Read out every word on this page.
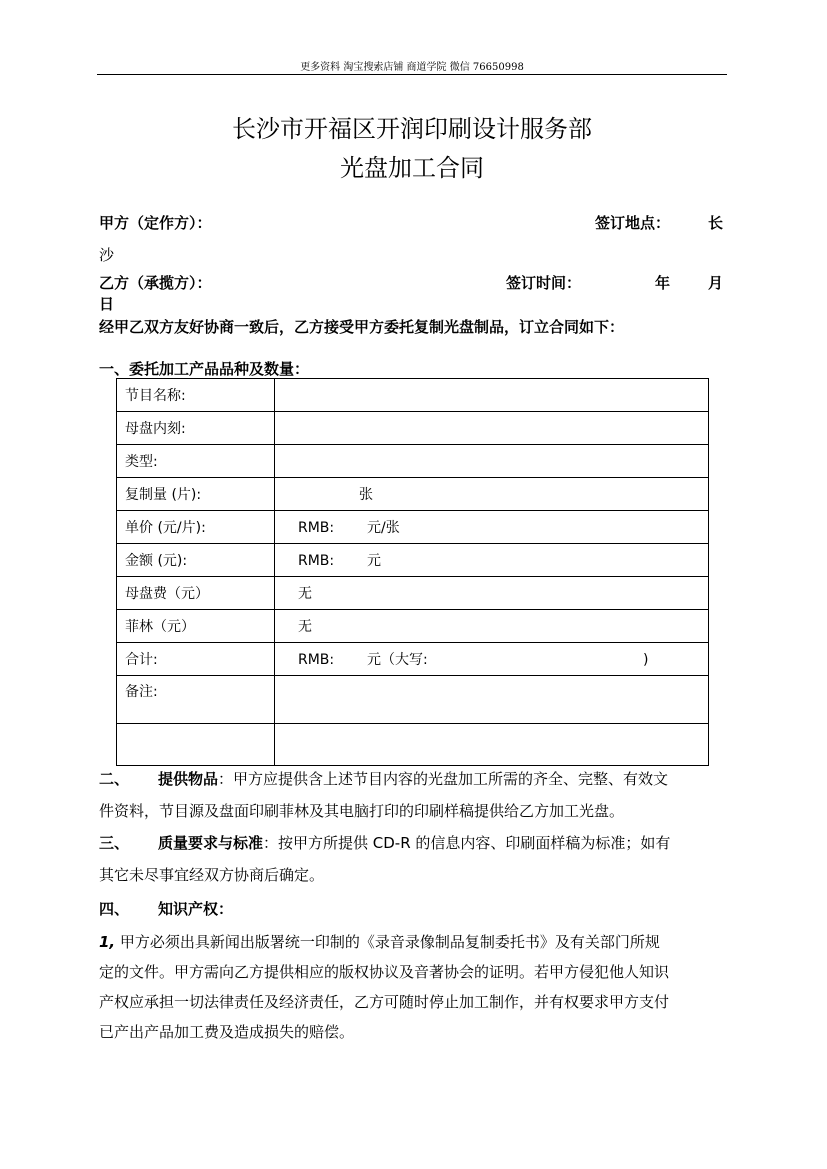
更多资料 淘宝搜索店铺 商道学院 微信 76650998
长沙市开福区开润印刷设计服务部
光盘加工合同
甲方（定作方）：	签订地点：	长
沙
乙方（承揽方）：	签订时间：	年	月
日
经甲乙双方友好协商一致后，乙方接受甲方委托复制光盘制品，订立合同如下：
一、委托加工产品品种及数量：
节目名称:	
母盘内刻:	
类型:	
复制量 (片):	张
单价 (元/片):	RMB: 元/张
金额 (元):	RMB: 元
母盘费（元）	无
菲林（元）	无
合计:	RMB: 元（大写: )
备注:	

二、 提供物品：甲方应提供含上述节目内容的光盘加工所需的齐全、完整、有效文
件资料，节目源及盘面印刷菲林及其电脑打印的印刷样稿提供给乙方加工光盘。
三、 质量要求与标准：按甲方所提供 CD-R 的信息内容、印刷面样稿为标准；如有
其它未尽事宜经双方协商后确定。
四、 知识产权：
1, 甲方必须出具新闻出版署统一印制的《录音录像制品复制委托书》及有关部门所规
定的文件。甲方需向乙方提供相应的版权协议及音著协会的证明。若甲方侵犯他人知识
产权应承担一切法律责任及经济责任，乙方可随时停止加工制作，并有权要求甲方支付
已产出产品加工费及造成损失的赔偿。
